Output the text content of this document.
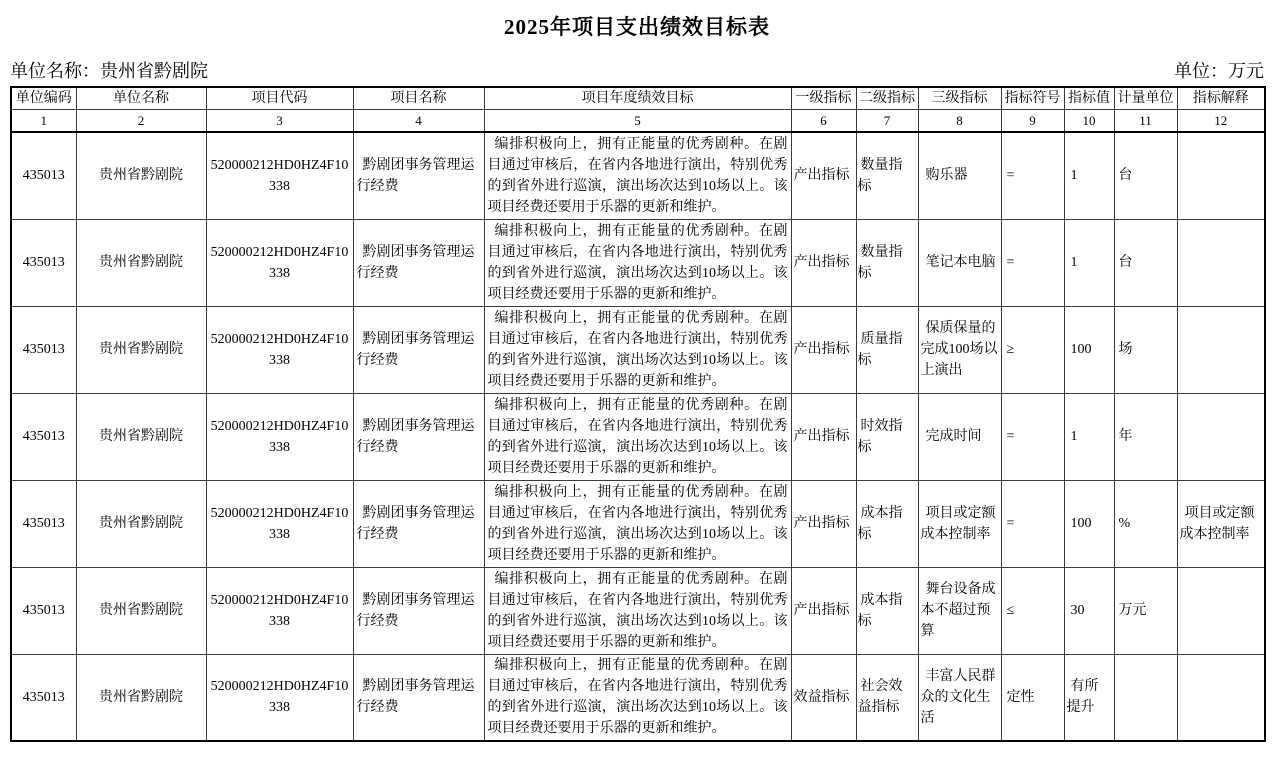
2025年项目支出绩效目标表
单位名称：贵州省黔剧院	单位：万元
单位编码	单位名称	项目代码	项目名称	项目年度绩效目标	一级指标	二级指标	三级指标	指标符号	指标值	计量单位	指标解释
1	2	3	4	5	6	7	8	9	10	11	12
435013	贵州省黔剧院	520000212HD0HZ4F10338	黔剧团事务管理运行经费	编排积极向上，拥有正能量的优秀剧种。在剧目通过审核后，在省内各地进行演出，特别优秀的到省外进行巡演，演出场次达到10场以上。该项目经费还要用于乐器的更新和维护。	产出指标	数量指标	购乐器	=	1	台	
435013	贵州省黔剧院	520000212HD0HZ4F10338	黔剧团事务管理运行经费	编排积极向上，拥有正能量的优秀剧种。在剧目通过审核后，在省内各地进行演出，特别优秀的到省外进行巡演，演出场次达到10场以上。该项目经费还要用于乐器的更新和维护。	产出指标	数量指标	笔记本电脑	=	1	台	
435013	贵州省黔剧院	520000212HD0HZ4F10338	黔剧团事务管理运行经费	编排积极向上，拥有正能量的优秀剧种。在剧目通过审核后，在省内各地进行演出，特别优秀的到省外进行巡演，演出场次达到10场以上。该项目经费还要用于乐器的更新和维护。	产出指标	质量指标	保质保量的完成100场以上演出	≥	100	场	
435013	贵州省黔剧院	520000212HD0HZ4F10338	黔剧团事务管理运行经费	编排积极向上，拥有正能量的优秀剧种。在剧目通过审核后，在省内各地进行演出，特别优秀的到省外进行巡演，演出场次达到10场以上。该项目经费还要用于乐器的更新和维护。	产出指标	时效指标	完成时间	=	1	年	
435013	贵州省黔剧院	520000212HD0HZ4F10338	黔剧团事务管理运行经费	编排积极向上，拥有正能量的优秀剧种。在剧目通过审核后，在省内各地进行演出，特别优秀的到省外进行巡演，演出场次达到10场以上。该项目经费还要用于乐器的更新和维护。	产出指标	成本指标	项目或定额成本控制率	=	100	%	项目或定额成本控制率
435013	贵州省黔剧院	520000212HD0HZ4F10338	黔剧团事务管理运行经费	编排积极向上，拥有正能量的优秀剧种。在剧目通过审核后，在省内各地进行演出，特别优秀的到省外进行巡演，演出场次达到10场以上。该项目经费还要用于乐器的更新和维护。	产出指标	成本指标	舞台设备成本不超过预算	≤	30	万元	
435013	贵州省黔剧院	520000212HD0HZ4F10338	黔剧团事务管理运行经费	编排积极向上，拥有正能量的优秀剧种。在剧目通过审核后，在省内各地进行演出，特别优秀的到省外进行巡演，演出场次达到10场以上。该项目经费还要用于乐器的更新和维护。	效益指标	社会效益指标	丰富人民群众的文化生活	定性	有所提升		
